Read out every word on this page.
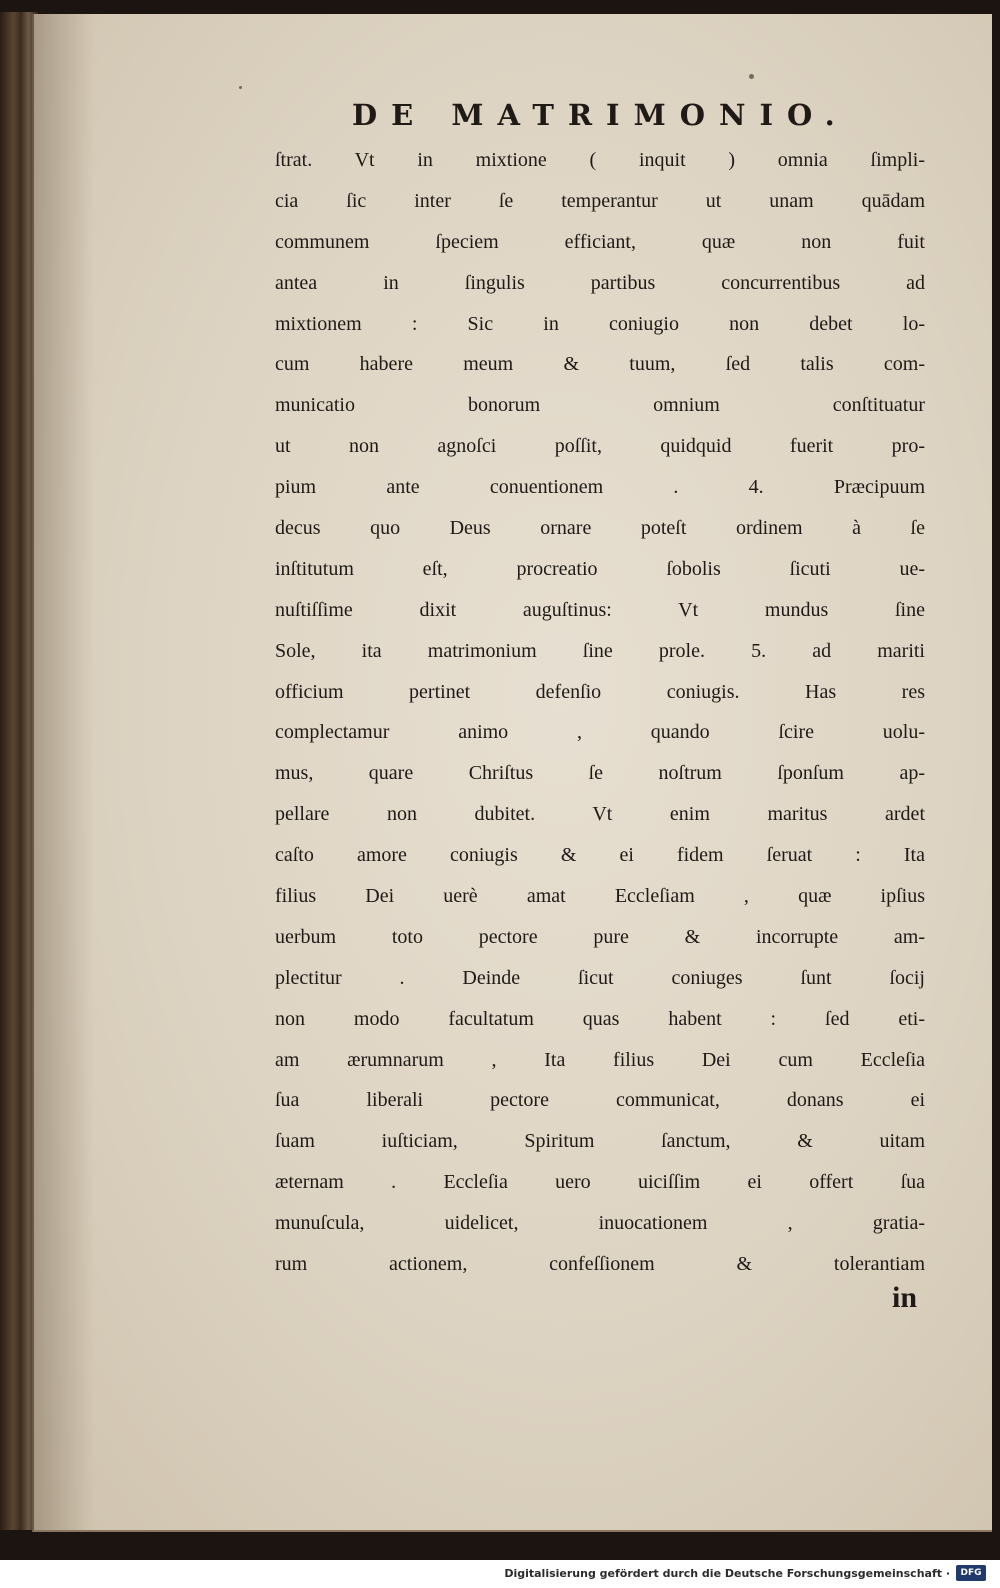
DE MATRIMONIO.
ſtrat. Vt in mixtione ( inquit ) omnia ſimpli-
cia ſic inter ſe temperantur ut unam quādam
communem ſpeciem efficiant, quæ non fuit
antea in ſingulis partibus concurrentibus ad
mixtionem : Sic in coniugio non debet lo-
cum habere meum & tuum, ſed talis com-
municatio bonorum omnium conſtituatur
ut non agnoſci poſſit, quidquid fuerit pro-
pium ante conuentionem . 4. Præcipuum
decus quo Deus ornare poteſt ordinem à ſe
inſtitutum eſt, procreatio ſobolis ſicuti ue-
nuſtiſſime dixit auguſtinus: Vt mundus ſine
Sole, ita matrimonium ſine prole. 5. ad mariti
officium pertinet defenſio coniugis. Has res
complectamur animo , quando ſcire uolu-
mus, quare Chriſtus ſe noſtrum ſponſum ap-
pellare non dubitet. Vt enim maritus ardet
caſto amore coniugis & ei fidem ſeruat : Ita
filius Dei uerè amat Eccleſiam , quæ ipſius
uerbum toto pectore pure & incorrupte am-
plectitur . Deinde ſicut coniuges ſunt ſocij
non modo facultatum quas habent : ſed eti-
am ærumnarum , Ita filius Dei cum Eccleſia
ſua liberali pectore communicat, donans ei
ſuam iuſticiam, Spiritum ſanctum, & uitam
æternam . Eccleſia uero uiciſſim ei offert ſua
munuſcula, uidelicet, inuocationem , gratia-
rum actionem, confeſſionem & tolerantiam
in
Digitalisierung gefördert durch die Deutsche Forschungsgemeinschaft ·	DFG
